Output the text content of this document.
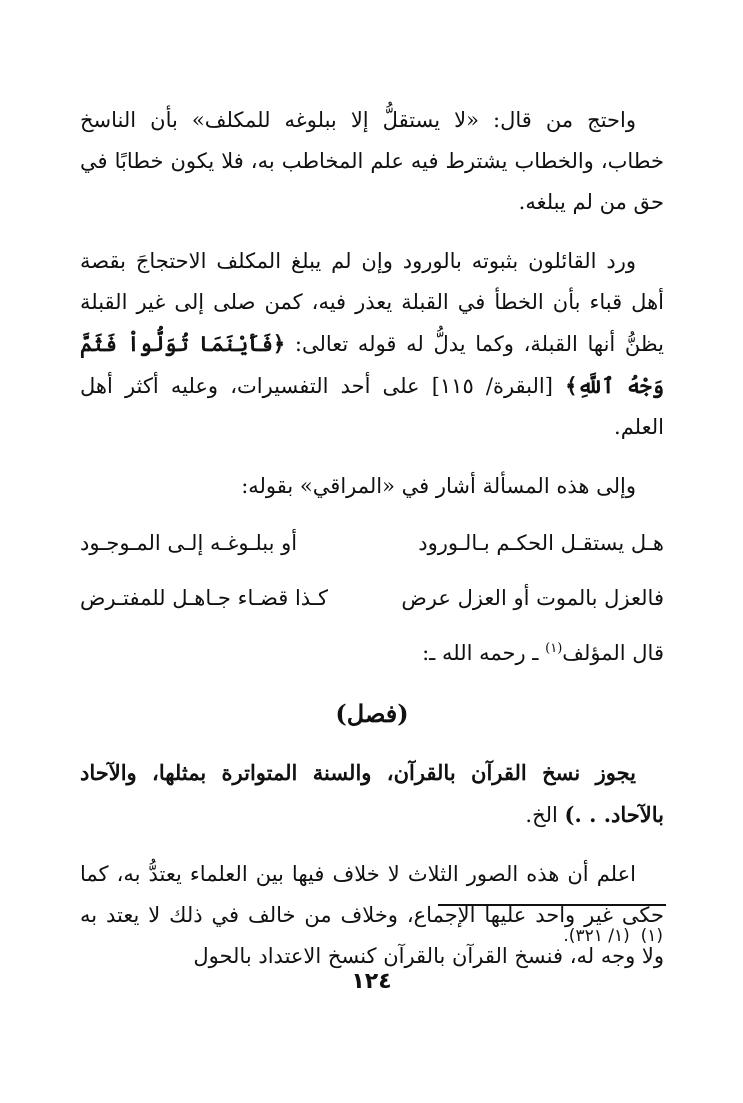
واحتج من قال: «لا يستقلُّ إلا ببلوغه للمكلف» بأن الناسخ خطاب، والخطاب يشترط فيه علم المخاطب به، فلا يكون خطابًا في حق من لم يبلغه.

ورد القائلون بثبوته بالورود وإن لم يبلغ المكلف الاحتجاجَ بقصة أهل قباء بأن الخطأ في القبلة يعذر فيه، كمن صلى إلى غير القبلة يظنُّ أنها القبلة، وكما يدلُّ له قوله تعالى: ﴿فَأَيْنَمَا تُوَلُّواْ فَثَمَّ وَجْهُ ٱللَّهِ﴾ [البقرة/ ١١٥] على أحد التفسيرات، وعليه أكثر أهل العلم.

وإلى هذه المسألة أشار في «المراقي» بقوله:

هـل يستقـل الحكـم بـالـورود
أو ببلـوغـه إلـى المـوجـود
فالعزل بالموت أو العزل عرض
كـذا قضـاء جـاهـل للمفتـرض

قال المؤلف$^{(١)}$ ـ رحمه الله ـ:

(فصل)

يجوز نسخ القرآن بالقرآن، والسنة المتواترة بمثلها، والآحاد بالآحاد. . .) الخ.

اعلم أن هذه الصور الثلاث لا خلاف فيها بين العلماء يعتدُّ به، كما حكى غير واحد عليها الإجماع، وخلاف من خالف في ذلك لا يعتد به ولا وجه له، فنسخ القرآن بالقرآن كنسخ الاعتداد بالحول

(١)  (١/ ٣٢١).
١٢٤
